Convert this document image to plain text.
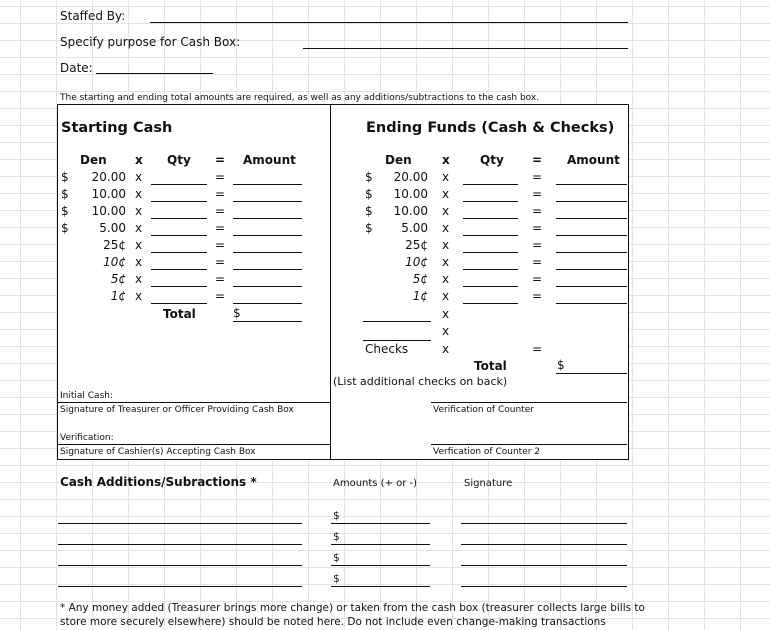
Staffed By:
Specify purpose for Cash Box:
Date:
The starting and ending total amounts are required, as well as any additions/subtractions to the cash box.
Starting Cash
Den x Qty = Amount
$	20.00 x	=
$	10.00 x	=
$	10.00 x	=
$	5.00 x	=
25¢ x	=
10¢ x	=
5¢ x	=
1¢ x	=
Total	$
Ending Funds (Cash & Checks)
Den	x	Qty = Amount
$	20.00 x	=
$	10.00 x	=
$	10.00 x	=
$	5.00 x	=
25¢ x	=
10¢ x	=
5¢ x	=
1¢ x	=
x
x
Checks	x	=
Total	$
(List additional checks on back)
Initial Cash:
Signature of Treasurer or Officer Providing Cash Box	Verification of Counter
Verification:
Signature of Cashier(s) Accepting Cash Box	Verfication of Counter 2
Cash Additions/Subractions *	Amounts (+ or -)	Signature
$
$
$
$
* Any money added (Treasurer brings more change) or taken from the cash box (treasurer collects large bills to
store more securely elsewhere) should be noted here. Do not include even change-making transactions
